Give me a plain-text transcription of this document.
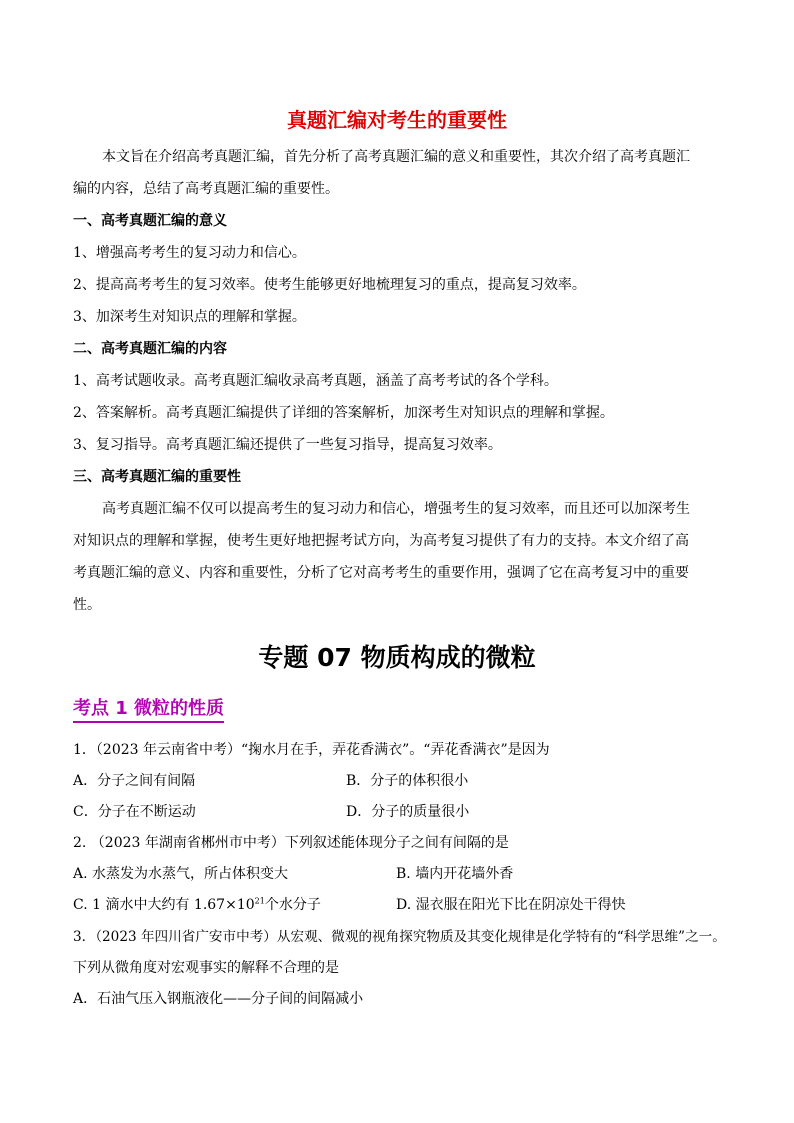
真题汇编对考生的重要性
本文旨在介绍高考真题汇编，首先分析了高考真题汇编的意义和重要性，其次介绍了高考真题汇
编的内容，总结了高考真题汇编的重要性。
一、高考真题汇编的意义
1、增强高考考生的复习动力和信心。
2、提高高考考生的复习效率。使考生能够更好地梳理复习的重点，提高复习效率。
3、加深考生对知识点的理解和掌握。
二、高考真题汇编的内容
1、高考试题收录。高考真题汇编收录高考真题，涵盖了高考考试的各个学科。
2、答案解析。高考真题汇编提供了详细的答案解析，加深考生对知识点的理解和掌握。
3、复习指导。高考真题汇编还提供了一些复习指导，提高复习效率。
三、高考真题汇编的重要性
高考真题汇编不仅可以提高考生的复习动力和信心，增强考生的复习效率，而且还可以加深考生
对知识点的理解和掌握，使考生更好地把握考试方向，为高考复习提供了有力的支持。本文介绍了高
考真题汇编的意义、内容和重要性，分析了它对高考考生的重要作用，强调了它在高考复习中的重要
性。
专题 07 物质构成的微粒
考点 1 微粒的性质
1．（2023 年云南省中考）“掬水月在手，弄花香满衣”。“弄花香满衣”是因为
A．分子之间有间隔	B．分子的体积很小
C．分子在不断运动	D．分子的质量很小
2. （2023 年湖南省郴州市中考）下列叙述能体现分子之间有间隔的是
A. 水蒸发为水蒸气，所占体积变大	B. 墙内开花墙外香
C. 1 滴水中大约有 $1.67\times 10^{21}$个水分子	D. 湿衣服在阳光下比在阴凉处干得快
3．（2023 年四川省广安市中考）从宏观、微观的视角探究物质及其变化规律是化学特有的“科学思维”之一。
下列从微角度对宏观事实的解释不合理的是
A．石油气压入钢瓶液化——分子间的间隔减小
